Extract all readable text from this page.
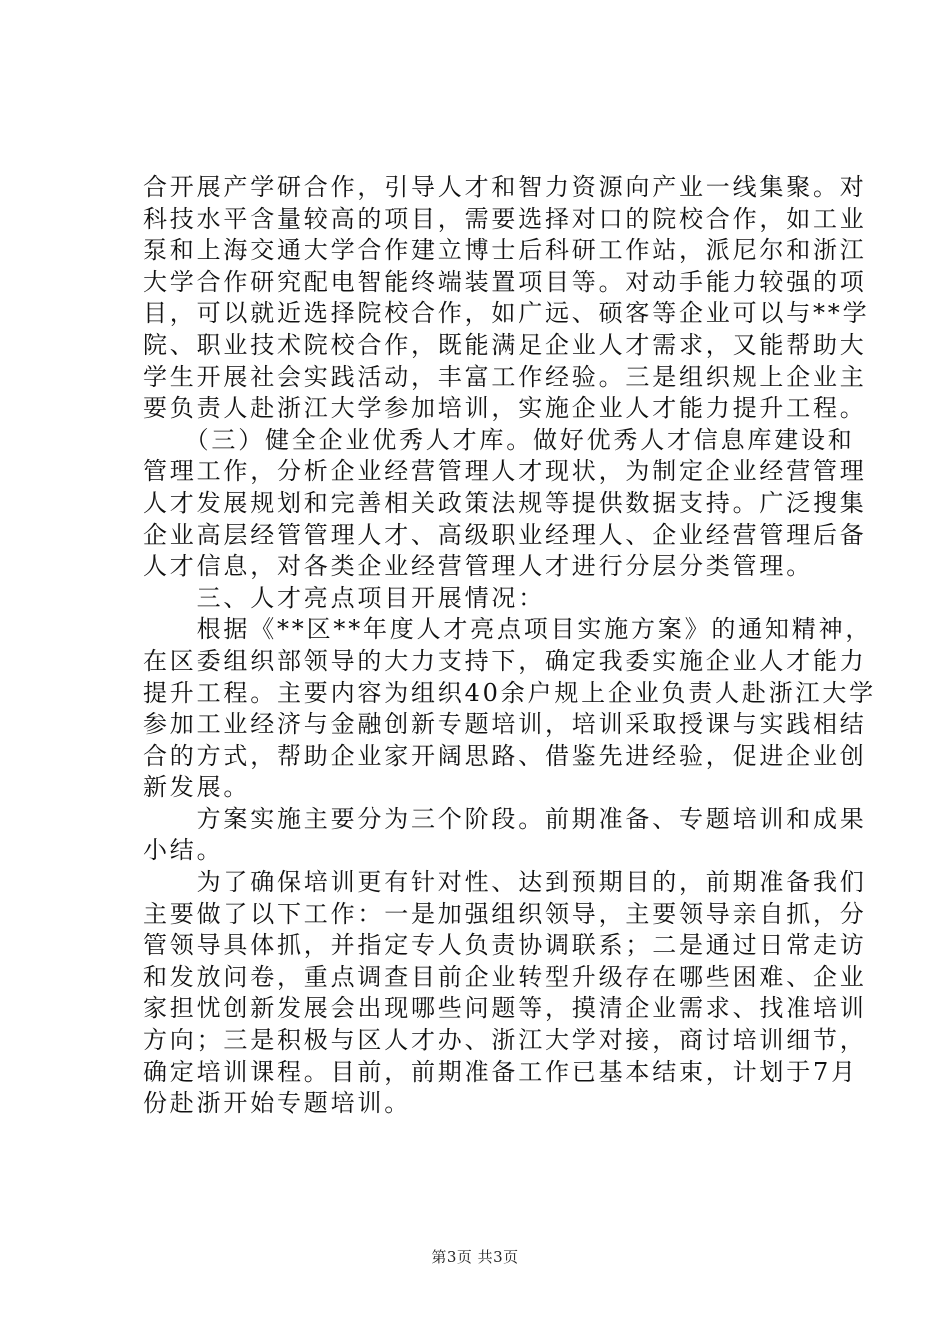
合开展产学研合作，引导人才和智力资源向产业一线集聚。对
科技水平含量较高的项目，需要选择对口的院校合作，如工业
泵和上海交通大学合作建立博士后科研工作站，派尼尔和浙江
大学合作研究配电智能终端装置项目等。对动手能力较强的项
目，可以就近选择院校合作，如广远、硕客等企业可以与**学
院、职业技术院校合作，既能满足企业人才需求，又能帮助大
学生开展社会实践活动，丰富工作经验。三是组织规上企业主
要负责人赴浙江大学参加培训，实施企业人才能力提升工程。
　　（三）健全企业优秀人才库。做好优秀人才信息库建设和
管理工作，分析企业经营管理人才现状，为制定企业经营管理
人才发展规划和完善相关政策法规等提供数据支持。广泛搜集
企业高层经管管理人才、高级职业经理人、企业经营管理后备
人才信息，对各类企业经营管理人才进行分层分类管理。
　　三、人才亮点项目开展情况：
　　根据《**区**年度人才亮点项目实施方案》的通知精神，
在区委组织部领导的大力支持下，确定我委实施企业人才能力
提升工程。主要内容为组织40余户规上企业负责人赴浙江大学
参加工业经济与金融创新专题培训，培训采取授课与实践相结
合的方式，帮助企业家开阔思路、借鉴先进经验，促进企业创
新发展。
　　方案实施主要分为三个阶段。前期准备、专题培训和成果
小结。
　　为了确保培训更有针对性、达到预期目的，前期准备我们
主要做了以下工作：一是加强组织领导，主要领导亲自抓，分
管领导具体抓，并指定专人负责协调联系；二是通过日常走访
和发放问卷，重点调查目前企业转型升级存在哪些困难、企业
家担忧创新发展会出现哪些问题等，摸清企业需求、找准培训
方向；三是积极与区人才办、浙江大学对接，商讨培训细节，
确定培训课程。目前，前期准备工作已基本结束，计划于7月
份赴浙开始专题培训。
第3页 共3页
